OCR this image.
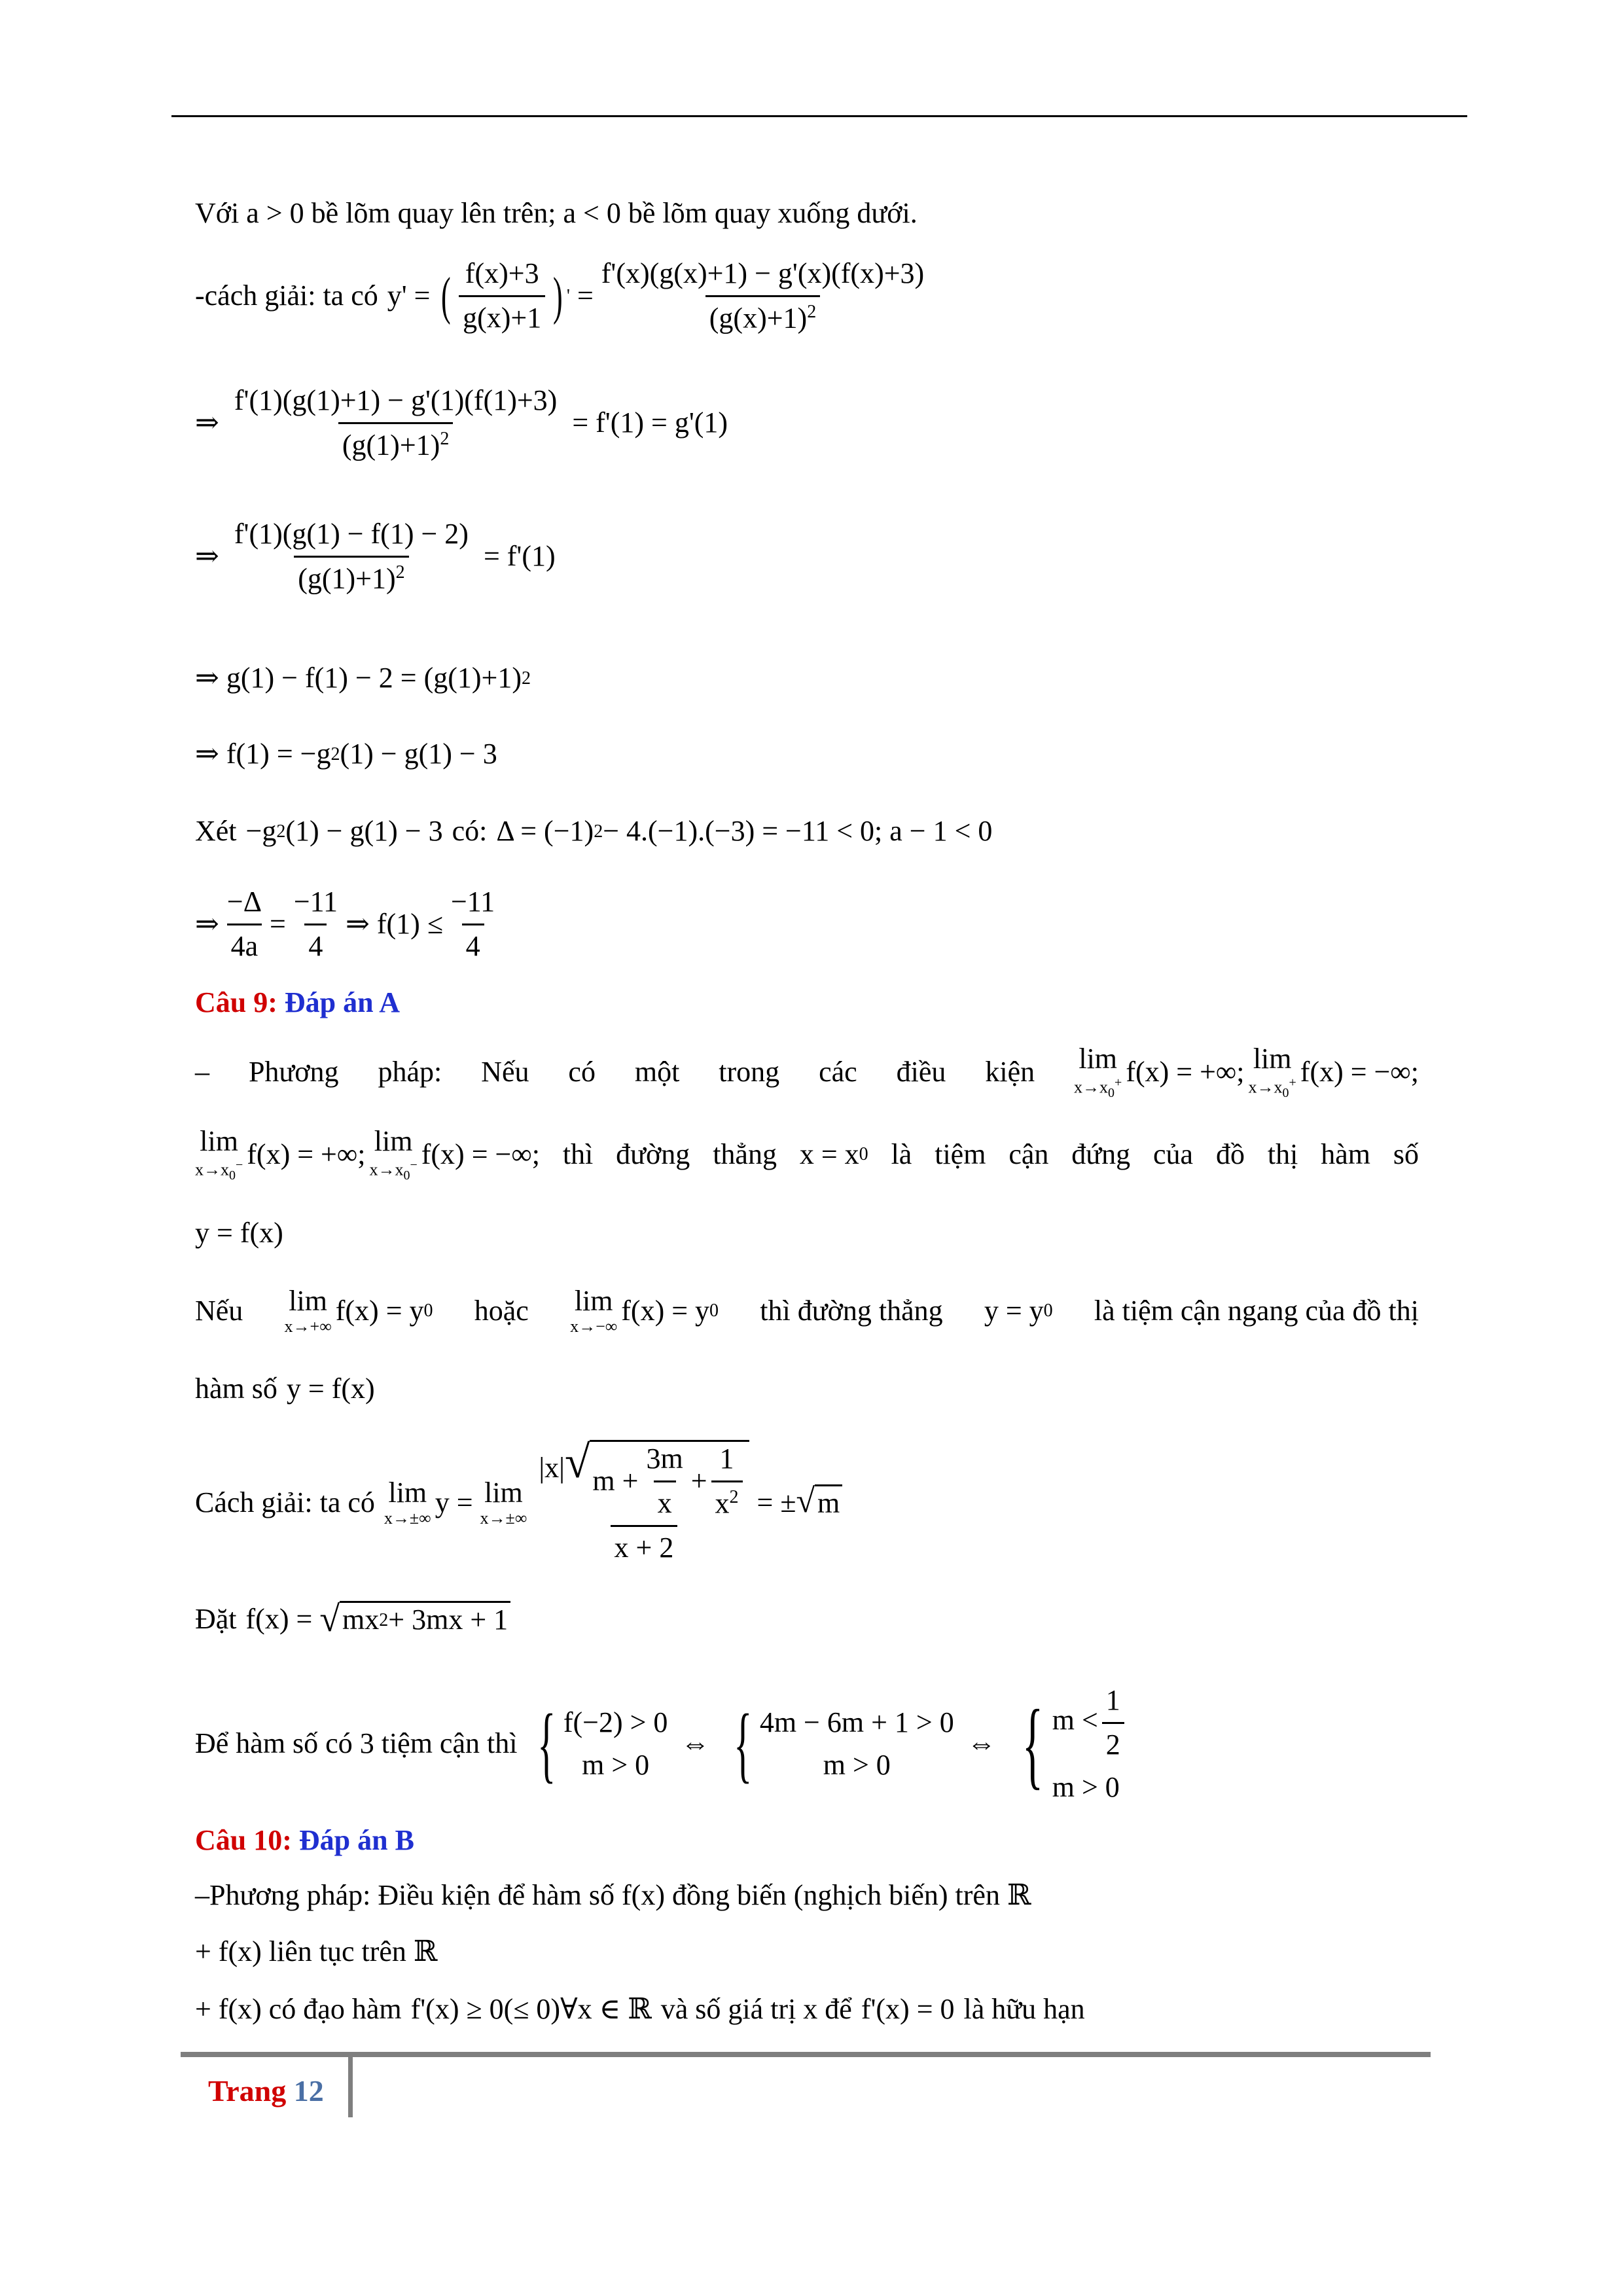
Với a > 0 bề lõm quay lên trên; a < 0 bề lõm quay xuống dưới.
-cách giải: ta có y' = ( $\frac{f(x)+3}{g(x)+1}$ ) ' = $\frac{f'(x)(g(x)+1) - g'(x)(f(x)+3)}{(g(x)+1)^2}$
⇒ $\frac{f'(1)(g(1)+1) - g'(1)(f(1)+3)}{(g(1)+1)^2} = f'(1) = g'(1)$
⇒ $\frac{f'(1)(g(1) - f(1) - 2)}{(g(1)+1)^2} = f'(1)$
⇒ g(1) − f(1) − 2 = (g(1)+1) 2
⇒ f(1) = −g 2 (1) − g(1) − 3
Xét −g 2 (1) − g(1) − 3 có: Δ = (−1) 2 − 4.(−1).(−3) = −11 < 0; a − 1 < 0
⇒ $\frac{-\Delta}{4a} = \frac{-11}{4}$ ⇒ $f(1) \le \frac{-11}{4}$
Câu 9:
Đáp án A
– Phương pháp: Nếu có một trong các điều kiện lim
$x\to x_0^+$ f(x) = +∞; lim
$x\to x_0^+$ f(x) = −∞;
lim
$x\to x_0^-$ f(x) = +∞; lim
$x\to x_0^-$ f(x) = −∞; thì đường thẳng x = x 0 là tiệm cận đứng của đồ thị hàm số
y = f(x)
Nếu lim
x→+∞ f(x) = y 0 hoặc lim
x→−∞ f(x) = y 0 thì đường thẳng y = y 0 là tiệm cận ngang của đồ thị
hàm số y = f(x)
Cách giải: ta có lim
x→±∞ y = lim
$x\to\pm\infty \frac{|x| √ m + \frac{3m}{x} + \frac{1}{x^2}}{x + 2}$ = ± √ m
Đặt f(x) = √ mx 2 + 3mx + 1
Để hàm số có 3 tiệm cận thì { f(−2) > 0
m > 0
⇔ { 4m − 6m + 1 > 0
m > 0
⇔ { $m < \frac{1}{2}$
m > 0
Câu 10:
Đáp án B
–Phương pháp: Điều kiện để hàm số f(x) đồng biến (nghịch biến) trên ℝ
+ f(x) liên tục trên ℝ
+ f(x) có đạo hàm f'(x) ≥ 0(≤ 0)∀x ∈ ℝ và số giá trị x để f'(x) = 0 là hữu hạn
Trang 12
